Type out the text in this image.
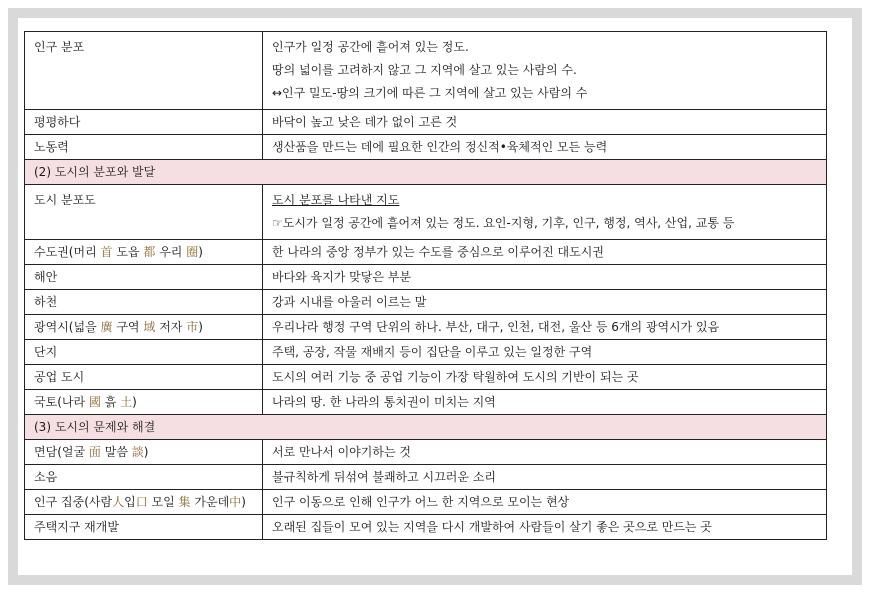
인구 분포	인구가 일정 공간에 흩어져 있는 정도.
땅의 넓이를 고려하지 않고 그 지역에 살고 있는 사람의 수.
↔인구 밀도-땅의 크기에 따른 그 지역에 살고 있는 사람의 수

평평하다	바닥이 높고 낮은 데가 없이 고른 것
노동력	생산품을 만드는 데에 필요한 인간의 정신적•육체적인 모든 능력
(2) 도시의 분포와 발달	
도시 분포도	도시 분포를 나타낸 지도
☞도시가 일정 공간에 흩어져 있는 정도. 요인-지형, 기후, 인구, 행정, 역사, 산업, 교통 등

수도권(머리 首 도읍 都 우리 圈)	한 나라의 중앙 정부가 있는 수도를 중심으로 이루어진 대도시권
해안	바다와 육지가 맞닿은 부분
하천	강과 시내를 아울러 이르는 말
광역시(넓을 廣 구역 域 저자 市)	우리나라 행정 구역 단위의 하나. 부산, 대구, 인천, 대전, 울산 등 6개의 광역시가 있음
단지	주택, 공장, 작물 재배지 등이 집단을 이루고 있는 일정한 구역
공업 도시	도시의 여러 기능 중 공업 기능이 가장 탁월하여 도시의 기반이 되는 곳
국토(나라 國 흙 土)	나라의 땅. 한 나라의 통치권이 미치는 지역
(3) 도시의 문제와 해결	
면담(얼굴 面 말씀 談)	서로 만나서 이야기하는 것
소음	불규칙하게 뒤섞여 불쾌하고 시끄러운 소리
인구 집중(사람人입口 모일 集 가운데中)	인구 이동으로 인해 인구가 어느 한 지역으로 모이는 현상
주택지구 재개발	오래된 집들이 모여 있는 지역을 다시 개발하여 사람들이 살기 좋은 곳으로 만드는 곳
